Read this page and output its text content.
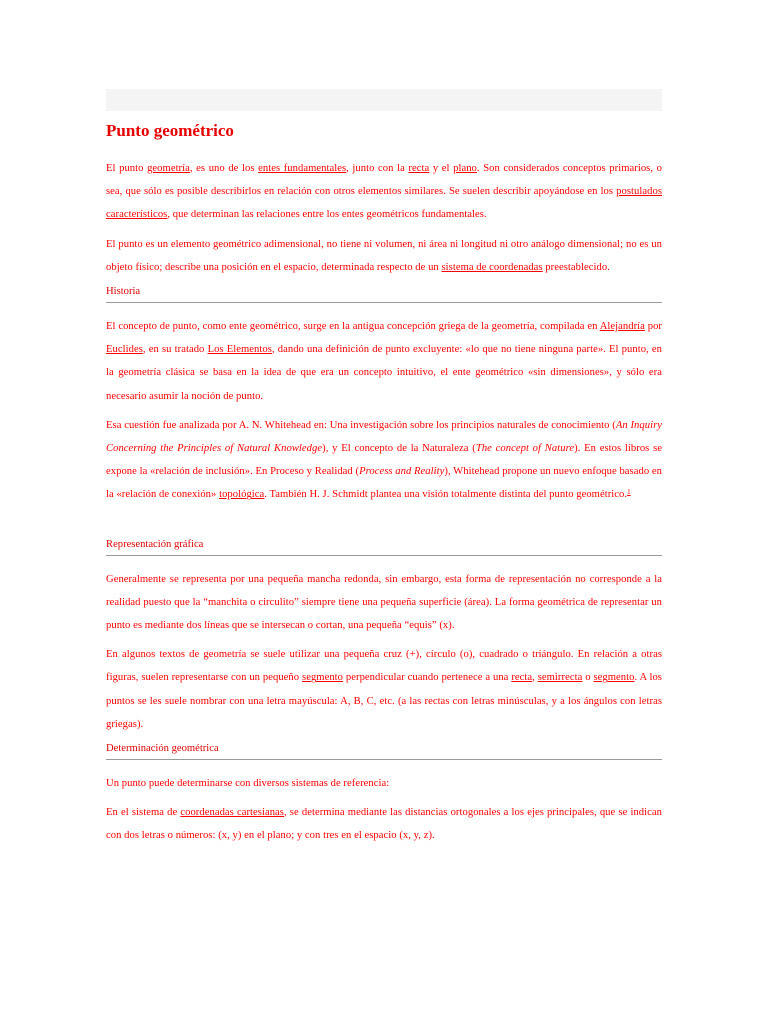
Punto geométrico

El punto geometría, es uno de los entes fundamentales, junto con la recta y el plano. Son considerados conceptos primarios, o sea, que sólo es posible describirlos en relación con otros elementos similares. Se suelen describir apoyándose en los postulados característicos, que determinan las relaciones entre los entes geométricos fundamentales.

El punto es un elemento geométrico adimensional, no tiene ni volumen, ni área ni longitud ni otro análogo dimensional; no es un objeto físico; describe una posición en el espacio, determinada respecto de un sistema de coordenadas preestablecido.

Historia

El concepto de punto, como ente geométrico, surge en la antigua concepción griega de la geometría, compilada en Alejandría por Euclides, en su tratado Los Elementos, dando una definición de punto excluyente: «lo que no tiene ninguna parte». El punto, en la geometría clásica se basa en la idea de que era un concepto intuitivo, el ente geométrico «sin dimensiones», y sólo era necesario asumir la noción de punto.

Esa cuestión fue analizada por A. N. Whitehead en: Una investigación sobre los principios naturales de conocimiento (An Inquiry Concerning the Principles of Natural Knowledge), y El concepto de la Naturaleza (The concept of Nature). En estos libros se expone la «relación de inclusión». En Proceso y Realidad (Process and Reality), Whitehead propone un nuevo enfoque basado en la «relación de conexión» topológica. También H. J. Schmidt plantea una visión totalmente distinta del punto geométrico.$^1$

Representación gráfica

Generalmente se representa por una pequeña mancha redonda, sin embargo, esta forma de representación no corresponde a la realidad puesto que la “manchita o circulito” siempre tiene una pequeña superficie (área). La forma geométrica de representar un punto es mediante dos líneas que se intersecan o cortan, una pequeña “equis” (x).

En algunos textos de geometría se suele utilizar una pequeña cruz (+), círculo (o), cuadrado o triángulo. En relación a otras figuras, suelen representarse con un pequeño segmento perpendicular cuando pertenece a una recta, semirrecta o segmento. A los puntos se les suele nombrar con una letra mayúscula: A, B, C, etc. (a las rectas con letras minúsculas, y a los ángulos con letras griegas).

Determinación geométrica

Un punto puede determinarse con diversos sistemas de referencia:

En el sistema de coordenadas cartesianas, se determina mediante las distancias ortogonales a los ejes principales, que se indican con dos letras o números: (x, y) en el plano; y con tres en el espacio (x, y, z).
